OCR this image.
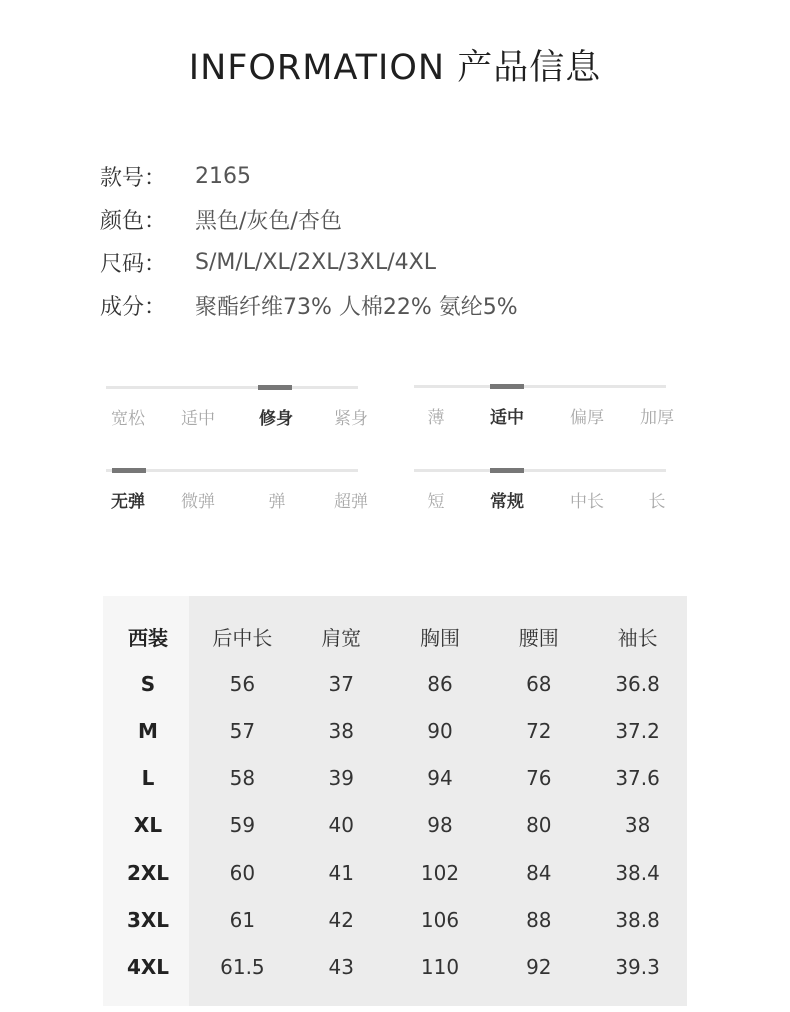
INFORMATION 产品信息
款号：	2165
颜色：	黑色/灰色/杏色
尺码：	S/M/L/XL/2XL/3XL/4XL
成分：	聚酯纤维73% 人棉22% 氨纶5%
宽松 适中	修身 紧身	薄	适中	偏厚 加厚
无弹 微弹	弹	超弹	短	常规	中长	长
西装	后中长	肩宽	胸围	腰围	袖长
S	56	37	86	68	36.8
M	57	38	90	72	37.2
L	58	39	94	76	37.6
XL	59	40	98	80	38
2XL	60	41	102	84	38.4
3XL	61	42	106	88	38.8
4XL	61.5	43	110	92	39.3
